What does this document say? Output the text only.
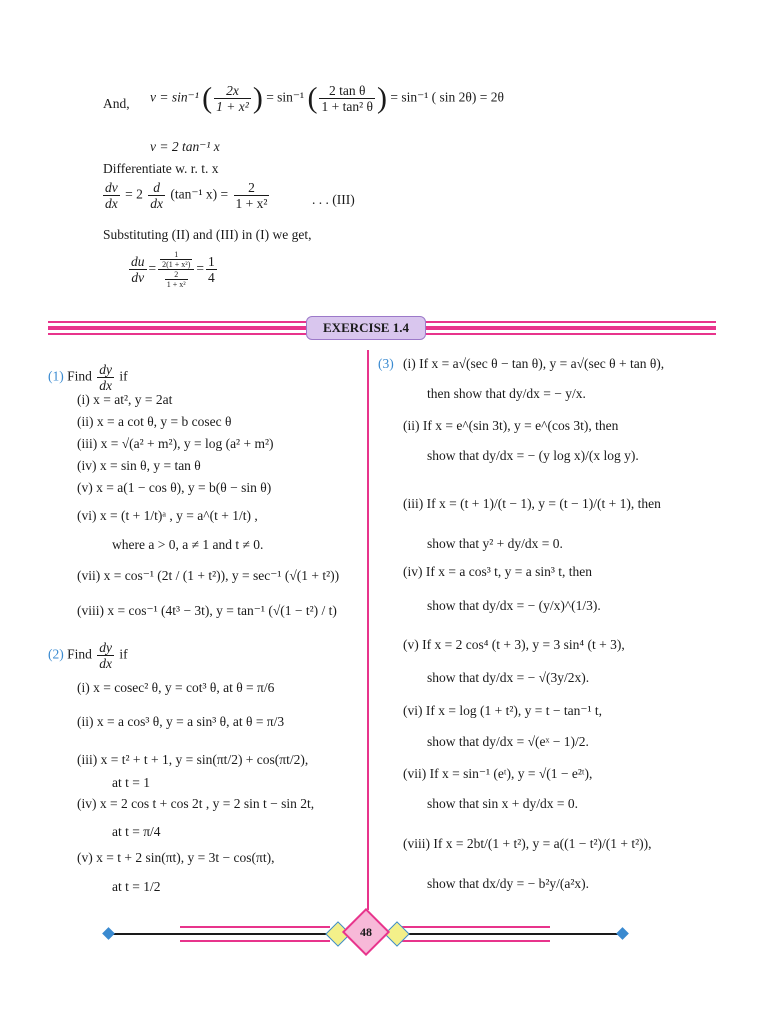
And, v = sin⁻¹ ( $\frac{2x}{\text{1 + x²}}$ ) = sin⁻¹ ( $\frac{\text{2 tan θ}}{\text{1 + tan² θ}}$ ) = sin⁻¹ ( sin 2θ) = 2θ
v = 2 tan⁻¹ x
Differentiate w. r. t. x
$\frac{dv}{dx} = 2 \frac{d}{dx} (\tan^{-1}$ $x) = \frac{2}{\text{1 + x²}}$	. . . (III)
Substituting (II) and (III) in (I) we get,
$\frac{du}{dv} = \frac{\frac{1}{\text{2(1 + x²)}}}{\frac{2}{\text{1 + x²}}} = \frac{1}{4}$
EXERCISE 1.4
(1) Find $\frac{dy}{dx}$ if
(i) x = at², y = 2at
(ii) x = a cot θ, y = b cosec θ
(iii) x = √(a² + m²), y = log (a² + m²)
(iv) x = sin θ, y = tan θ
(v) x = a(1 − cos θ), y = b(θ − sin θ)
(vi) x = (t + 1/t)ᵃ , y = a^(t + 1/t) ,
where a > 0, a ≠ 1 and t ≠ 0.
(vii) x = cos⁻¹ (2t / (1 + t²)), y = sec⁻¹ (√(1 + t²))
(viii) x = cos⁻¹ (4t³ − 3t), y = tan⁻¹ (√(1 − t²) / t)
(2) Find $\frac{dy}{dx}$ if
(i) x = cosec² θ, y = cot³ θ, at θ = π/6
(ii) x = a cos³ θ, y = a sin³ θ, at θ = π/3
(iii) x = t² + t + 1, y = sin(πt/2) + cos(πt/2),
at t = 1
(iv) x = 2 cos t + cos 2t , y = 2 sin t − sin 2t,
at t = π/4
(v) x = t + 2 sin(πt), y = 3t − cos(πt),
at t = 1/2
(3) (i) If x = a√(sec θ − tan θ), y = a√(sec θ + tan θ),
then show that dy/dx = − y/x.
(ii) If x = e^(sin 3t), y = e^(cos 3t), then
show that dy/dx = − (y log x)/(x log y).
(iii) If x = (t + 1)/(t − 1), y = (t − 1)/(t + 1), then
show that y² + dy/dx = 0.
(iv) If x = a cos³ t, y = a sin³ t, then
show that dy/dx = − (y/x)^(1/3).
(v) If x = 2 cos⁴ (t + 3), y = 3 sin⁴ (t + 3),
show that dy/dx = − √(3y/2x).
(vi) If x = log (1 + t²), y = t − tan⁻¹ t,
show that dy/dx = √(eˣ − 1)/2.
(vii) If x = sin⁻¹ (eᵗ), y = √(1 − e²ᵗ),
show that sin x + dy/dx = 0.
(viii) If x = 2bt/(1 + t²), y = a((1 − t²)/(1 + t²)),
show that dx/dy = − b²y/(a²x).
48
